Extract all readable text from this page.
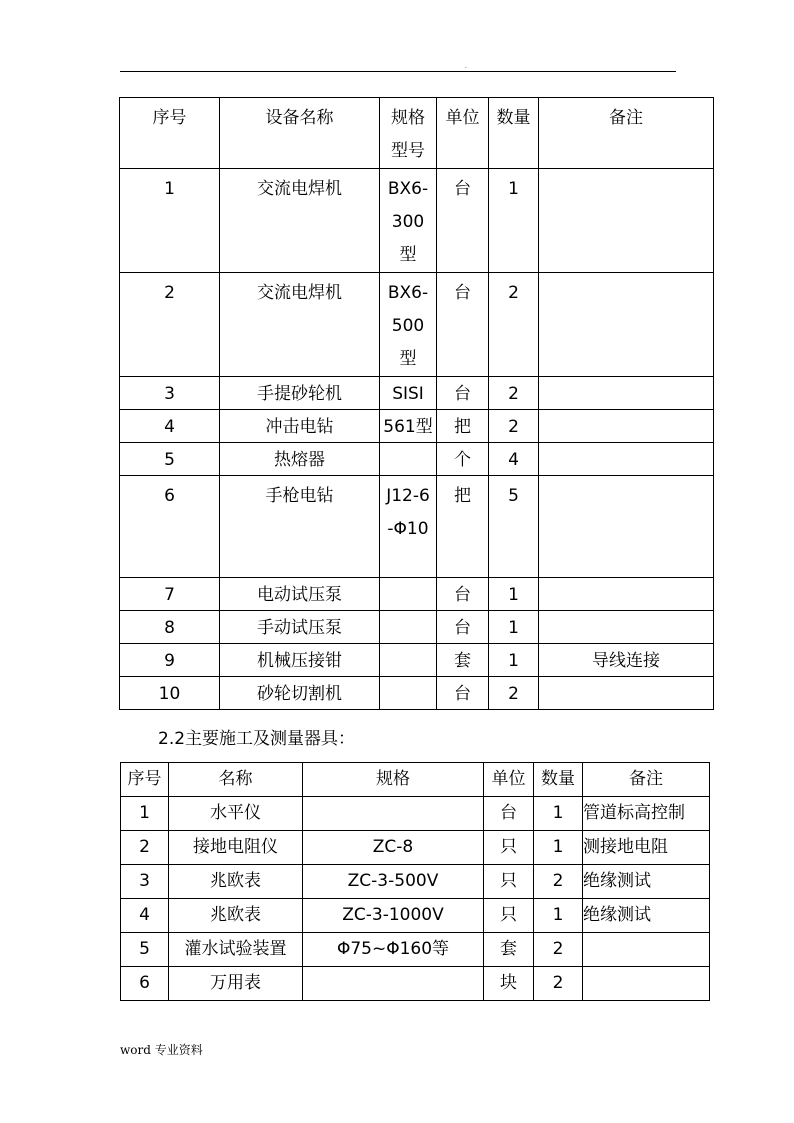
.
序号	设备名称	规格型号	单位	数量	备注
1	交流电焊机	BX6-300型	台	1	
2	交流电焊机	BX6-500型	台	2	
3	手提砂轮机	SISI	台	2	
4	冲击电钻	561型	把	2	
5	热熔器		个	4	
6	手枪电钻	J12-6-Φ10	把	5	
7	电动试压泵		台	1	
8	手动试压泵		台	1	
9	机械压接钳		套	1	导线连接
10	砂轮切割机		台	2	
2.2主要施工及测量器具：
序号	名称	规格	单位	数量	备注
1	水平仪		台	1	管道标高控制
2	接地电阻仪	ZC-8	只	1	测接地电阻
3	兆欧表	ZC-3-500V	只	2	绝缘测试
4	兆欧表	ZC-3-1000V	只	1	绝缘测试
5	灌水试验装置	Φ75~Φ160等	套	2	
6	万用表		块	2	
word 专业资料
